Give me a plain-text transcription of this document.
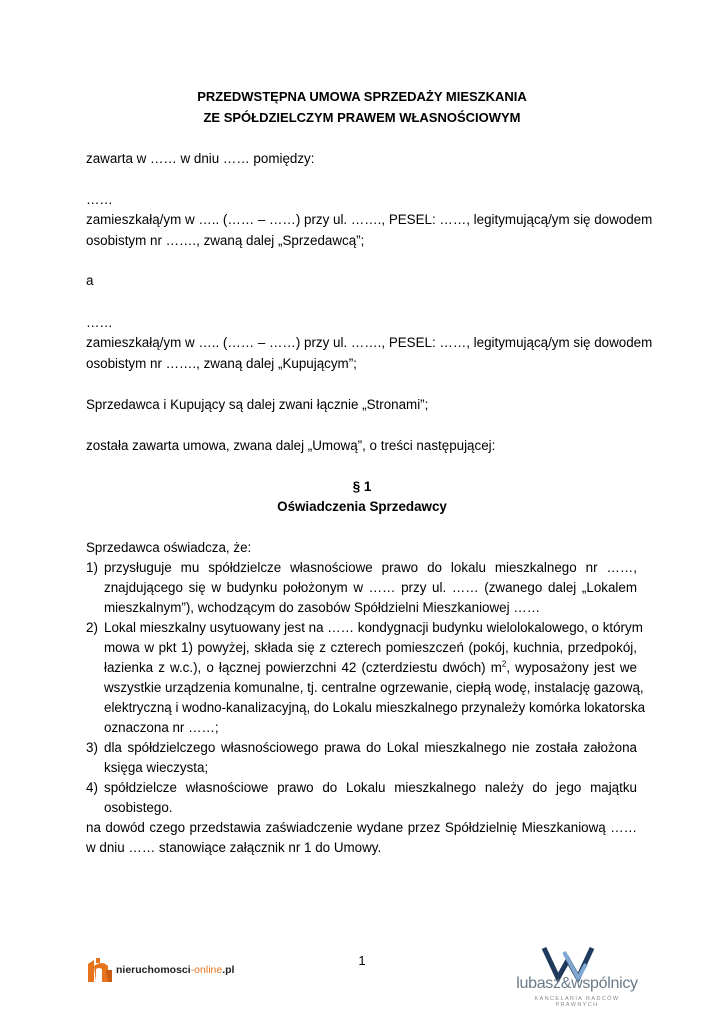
PRZEDWSTĘPNA UMOWA SPRZEDAŻY MIESZKANIA
ZE SPÓŁDZIELCZYM PRAWEM WŁASNOŚCIOWYM
zawarta w …… w dniu …… pomiędzy:
……
zamieszkałą/ym w ….. (…… – ……) przy ul. ……., PESEL: ……, legitymującą/ym się dowodem
osobistym nr ……., zwaną dalej „Sprzedawcą”;
a
……
zamieszkałą/ym w ….. (…… – ……) przy ul. ……., PESEL: ……, legitymującą/ym się dowodem
osobistym nr ……., zwaną dalej „Kupującym”;
Sprzedawca i Kupujący są dalej zwani łącznie „Stronami”;
została zawarta umowa, zwana dalej „Umową”, o treści następującej:
§ 1
Oświadczenia Sprzedawcy
Sprzedawca oświadcza, że:
1) przysługuje mu spółdzielcze własnościowe prawo do lokalu mieszkalnego nr ……,
znajdującego się w budynku położonym w …… przy ul. …… (zwanego dalej „Lokalem
mieszkalnym”), wchodzącym do zasobów Spółdzielni Mieszkaniowej ……
2) Lokal mieszkalny usytuowany jest na …… kondygnacji budynku wielolokalowego, o którym
mowa w pkt 1) powyżej, składa się z czterech pomieszczeń (pokój, kuchnia, przedpokój,
łazienka z w.c.), o łącznej powierzchni 42 (czterdziestu dwóch) $m^2$, wyposażony jest we
wszystkie urządzenia komunalne, tj. centralne ogrzewanie, ciepłą wodę, instalację gazową,
elektryczną i wodno-kanalizacyjną, do Lokalu mieszkalnego przynależy komórka lokatorska
oznaczona nr ……;
3) dla spółdzielczego własnościowego prawa do Lokal mieszkalnego nie została założona
księga wieczysta;
4) spółdzielcze własnościowe prawo do Lokalu mieszkalnego należy do jego majątku
osobistego.
na dowód czego przedstawia zaświadczenie wydane przez Spółdzielnię Mieszkaniową ……
w dniu …… stanowiące załącznik nr 1 do Umowy.
1
nieruchomosci-online.pl
lubasz&wspólnicy
KANCELARIA RADCÓW PRAWNYCH
